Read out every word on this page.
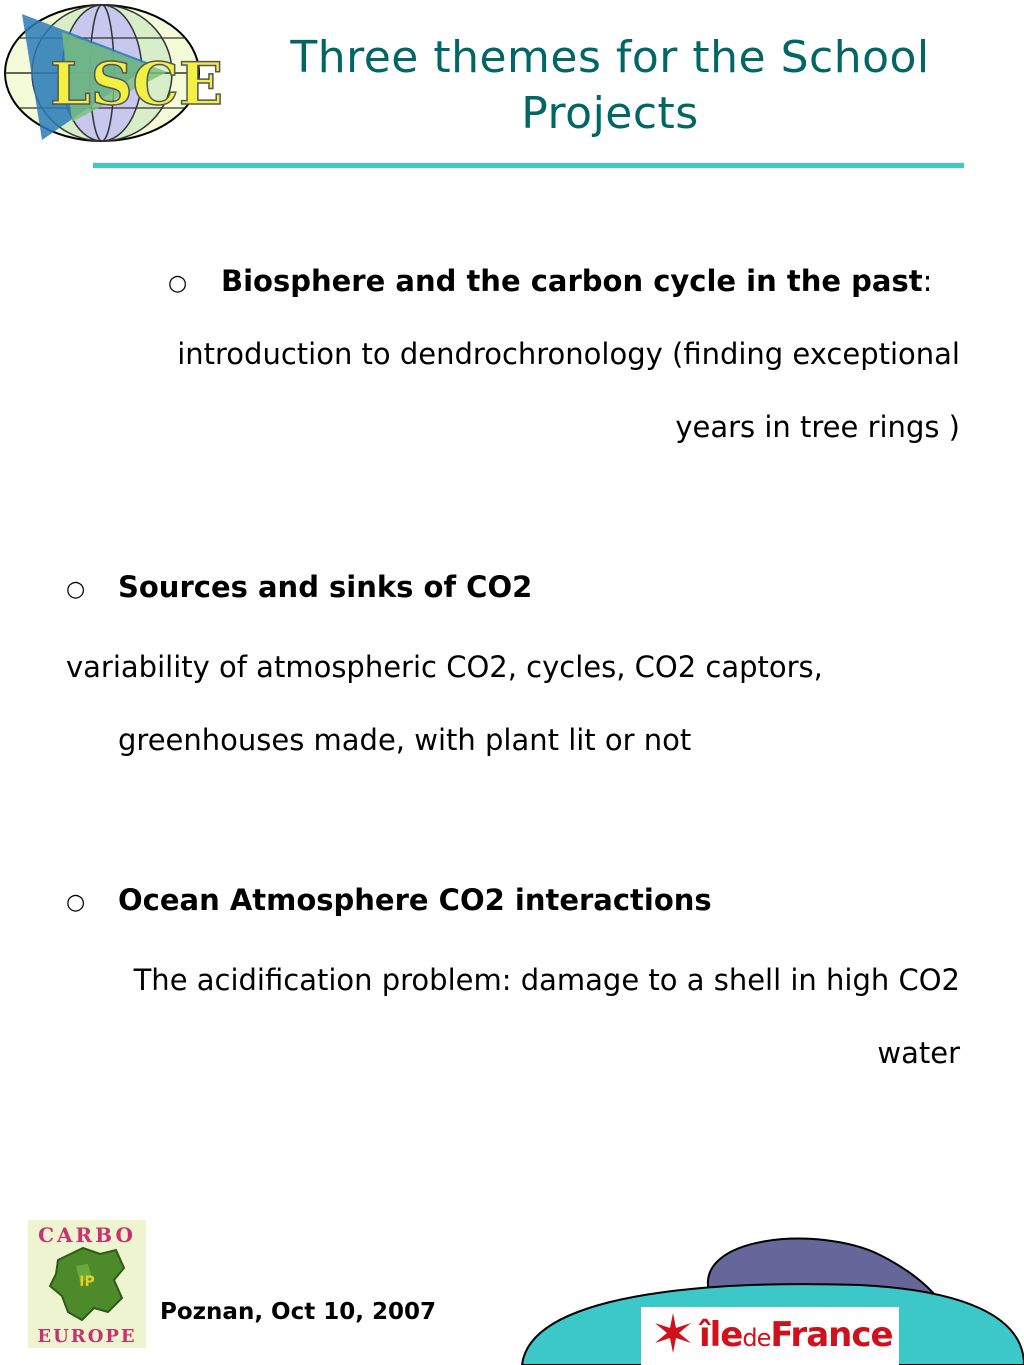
LSCE	Three themes for the School
Projects
○ Biosphere and the carbon cycle in the past:
introduction to dendrochronology (finding exceptional
years in tree rings )
○ Sources and sinks of CO2
variability of atmospheric CO2, cycles, CO2 captors,
greenhouses made, with plant lit or not
○ Ocean Atmosphere CO2 interactions
The acidification problem: damage to a shell in high CO2
water
IP
CARBO
EUROPE
Poznan, Oct 10, 2007
îledeFrance
